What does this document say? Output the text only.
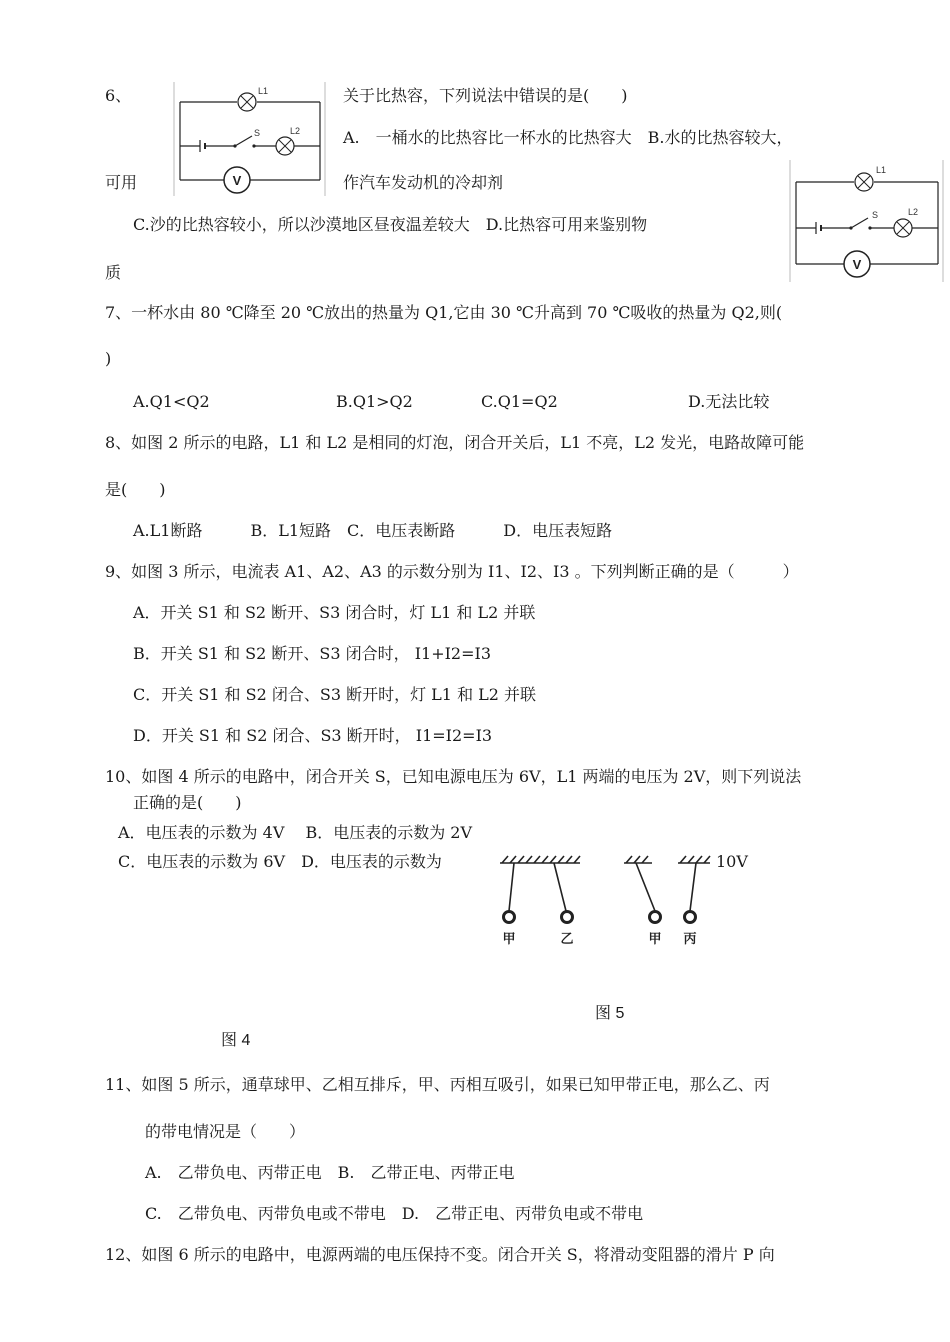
6、	关于比热容，下列说法中错误的是(　　)
A.　一桶水的比热容比一杯水的比热容大　B.水的比热容较大，
可用	作汽车发动机的冷却剂
C.沙的比热容较小，所以沙漠地区昼夜温差较大　D.比热容可用来鉴别物
质
L1
S	L2
V
L1
S	L2
V
7、一杯水由 80 ℃降至 20 ℃放出的热量为 Q1,它由 30 ℃升高到 70 ℃吸收的热量为 Q2,则(
)
A.Q1<Q2	B.Q1>Q2	C.Q1=Q2	D.无法比较
8、如图 2 所示的电路，L1 和 L2 是相同的灯泡，闭合开关后，L1 不亮，L2 发光，电路故障可能
是(　　)
A.L1断路　　　B．L1短路　C．电压表断路　　　D．电压表短路
9、如图 3 所示，电流表 A1、A2、A3 的示数分别为 I1、I2、I3 。下列判断正确的是（　　　）
A．开关 S1 和 S2 断开、S3 闭合时，灯 L1 和 L2 并联
B．开关 S1 和 S2 断开、S3 闭合时， I1+I2=I3
C．开关 S1 和 S2 闭合、S3 断开时，灯 L1 和 L2 并联
D．开关 S1 和 S2 闭合、S3 断开时， I1=I2=I3
10、如图 4 所示的电路中，闭合开关 S，已知电源电压为 6V，L1 两端的电压为 2V，则下列说法
正确的是(　　)
A．电压表的示数为 4V　 B．电压表的示数为 2V
C．电压表的示数为 6V　D．电压表的示数为	10V
甲	乙	甲 丙
图 5
图 4
11、如图 5 所示，通草球甲、乙相互排斥，甲、丙相互吸引，如果已知甲带正电，那么乙、丙
的带电情况是（　　）
A.　乙带负电、丙带正电　B.　乙带正电、丙带正电
C.　乙带负电、丙带负电或不带电　D.　乙带正电、丙带负电或不带电
12、如图 6 所示的电路中，电源两端的电压保持不变。闭合开关 S，将滑动变阻器的滑片 P 向
